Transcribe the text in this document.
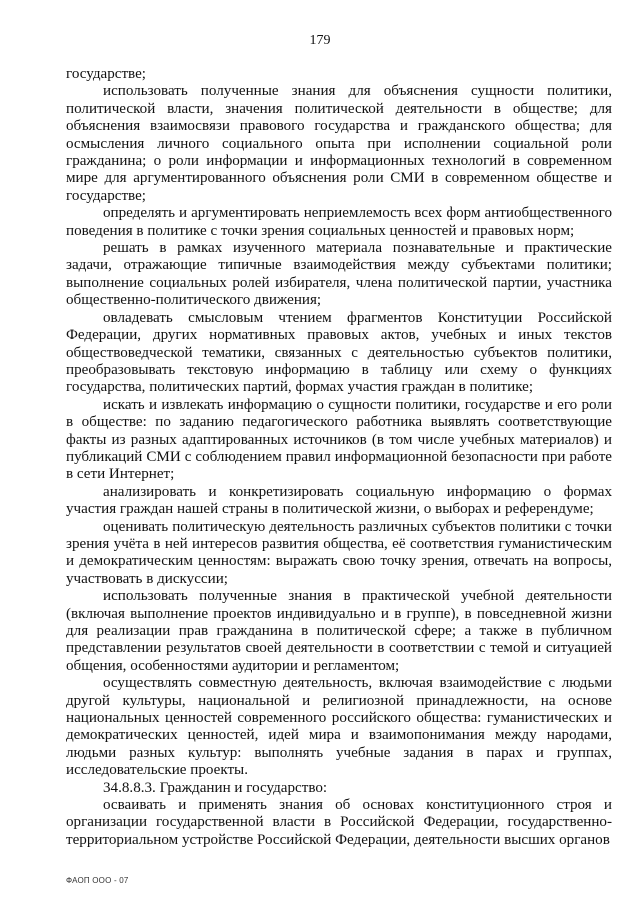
179

государстве;

использовать полученные знания для объяснения сущности политики, политической власти, значения политической деятельности в обществе; для объяснения взаимосвязи правового государства и гражданского общества; для осмысления личного социального опыта при исполнении социальной роли гражданина; о роли информации и информационных технологий в современном мире для аргументированного объяснения роли СМИ в современном обществе и государстве;

определять и аргументировать неприемлемость всех форм антиобщественного поведения в политике с точки зрения социальных ценностей и правовых норм;

решать в рамках изученного материала познавательные и практические задачи, отражающие типичные взаимодействия между субъектами политики; выполнение социальных ролей избирателя, члена политической партии, участника общественно-политического движения;

овладевать смысловым чтением фрагментов Конституции Российской Федерации, других нормативных правовых актов, учебных и иных текстов обществоведческой тематики, связанных с деятельностью субъектов политики, преобразовывать текстовую информацию в таблицу или схему о функциях государства, политических партий, формах участия граждан в политике;

искать и извлекать информацию о сущности политики, государстве и его роли в обществе: по заданию педагогического работника выявлять соответствующие факты из разных адаптированных источников (в том числе учебных материалов) и публикаций СМИ с соблюдением правил информационной безопасности при работе в сети Интернет;

анализировать и конкретизировать социальную информацию о формах участия граждан нашей страны в политической жизни, о выборах и референдуме;

оценивать политическую деятельность различных субъектов политики с точки зрения учёта в ней интересов развития общества, её соответствия гуманистическим и демократическим ценностям: выражать свою точку зрения, отвечать на вопросы, участвовать в дискуссии;

использовать полученные знания в практической учебной деятельности (включая выполнение проектов индивидуально и в группе), в повседневной жизни для реализации прав гражданина в политической сфере; а также в публичном представлении результатов своей деятельности в соответствии с темой и ситуацией общения, особенностями аудитории и регламентом;

осуществлять совместную деятельность, включая взаимодействие с людьми другой культуры, национальной и религиозной принадлежности, на основе национальных ценностей современного российского общества: гуманистических и демократических ценностей, идей мира и взаимопонимания между народами, людьми разных культур: выполнять учебные задания в парах и группах, исследовательские проекты.

34.8.8.3. Гражданин и государство:

осваивать и применять знания об основах конституционного строя и организации государственной власти в Российской Федерации, государственно-территориальном устройстве Российской Федерации, деятельности высших органов

ФАОП ООО - 07
